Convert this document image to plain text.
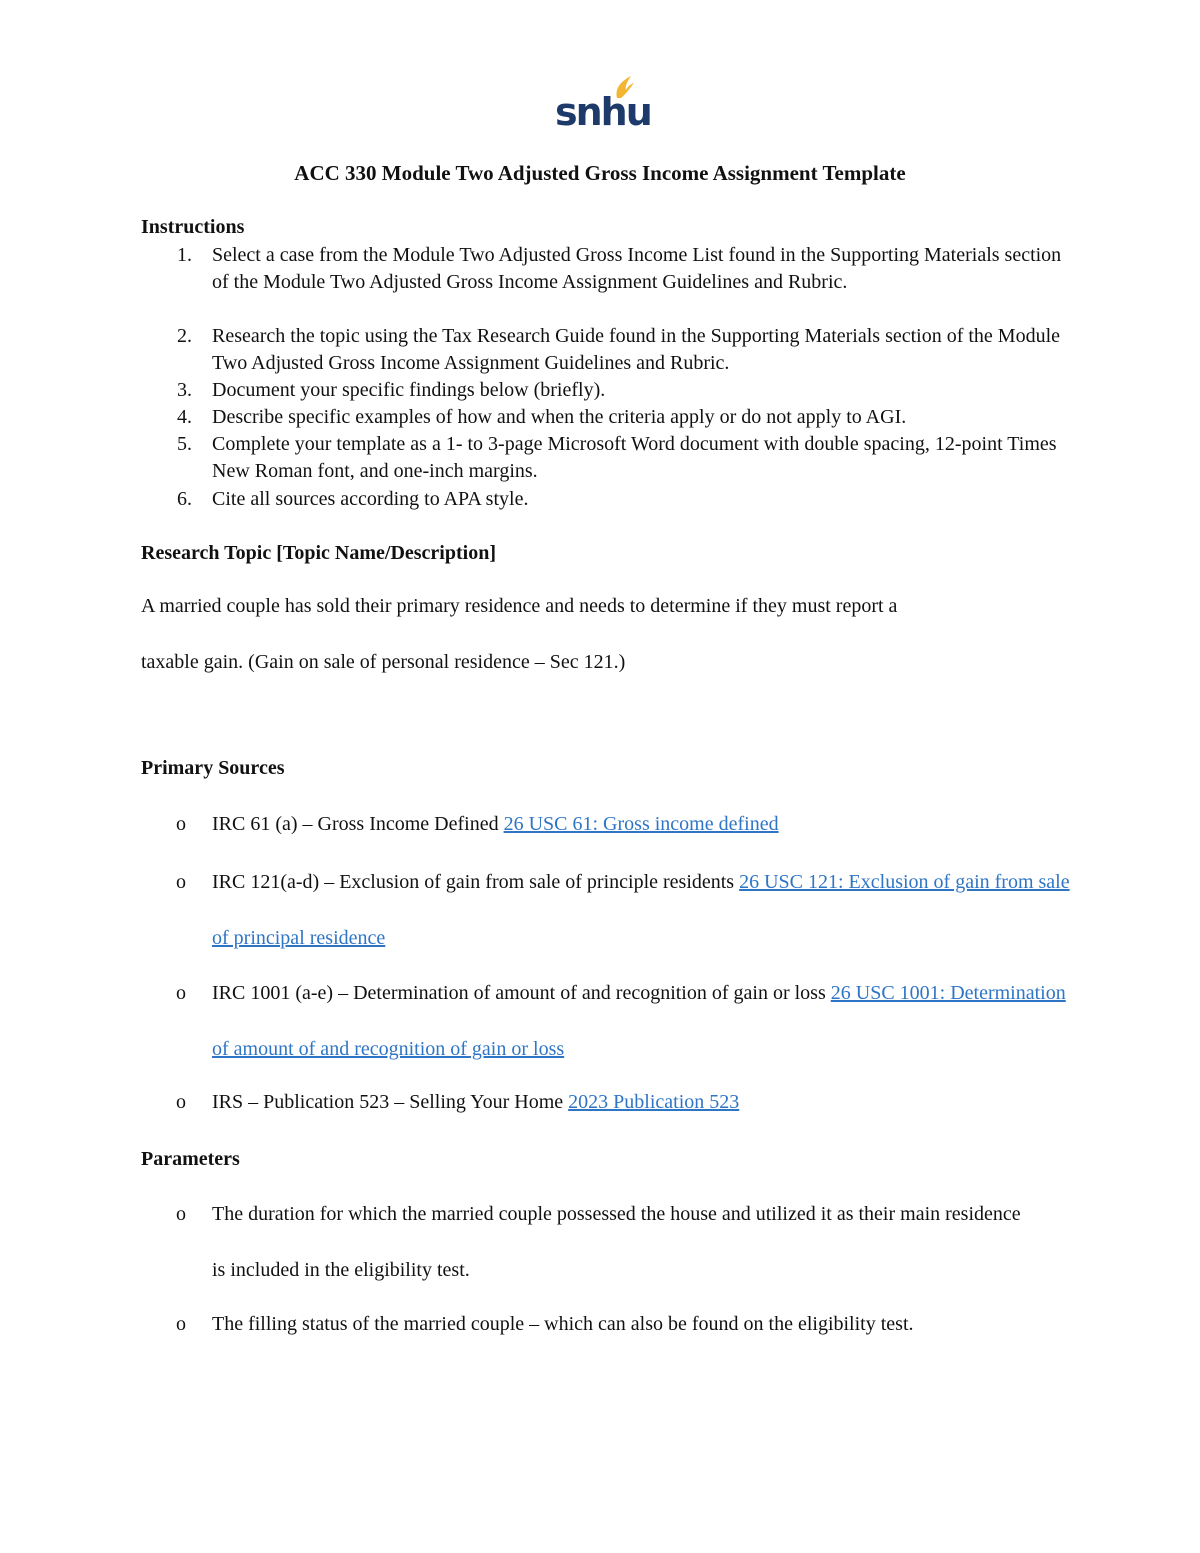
snhu
ACC 330 Module Two Adjusted Gross Income Assignment Template
Instructions
1. Select a case from the Module Two Adjusted Gross Income List found in the Supporting Materials section of the Module Two Adjusted Gross Income Assignment Guidelines and Rubric.
2. Research the topic using the Tax Research Guide found in the Supporting Materials section of the Module Two Adjusted Gross Income Assignment Guidelines and Rubric.
3. Document your specific findings below (briefly).
4. Describe specific examples of how and when the criteria apply or do not apply to AGI.
5. Complete your template as a 1- to 3-page Microsoft Word document with double spacing, 12-point Times New Roman font, and one-inch margins.
6. Cite all sources according to APA style.
Research Topic [Topic Name/Description]
A married couple has sold their primary residence and needs to determine if they must report a
taxable gain. (Gain on sale of personal residence – Sec 121.)
Primary Sources
o IRC 61 (a) – Gross Income Defined 26 USC 61: Gross income defined
o IRC 121(a-d) – Exclusion of gain from sale of principle residents 26 USC 121: Exclusion of gain from sale of principal residence
o IRC 1001 (a-e) – Determination of amount of and recognition of gain or loss 26 USC 1001: Determination of amount of and recognition of gain or loss
o IRS – Publication 523 – Selling Your Home 2023 Publication 523
Parameters
o The duration for which the married couple possessed the house and utilized it as their main residence is included in the eligibility test.
o The filling status of the married couple – which can also be found on the eligibility test.
